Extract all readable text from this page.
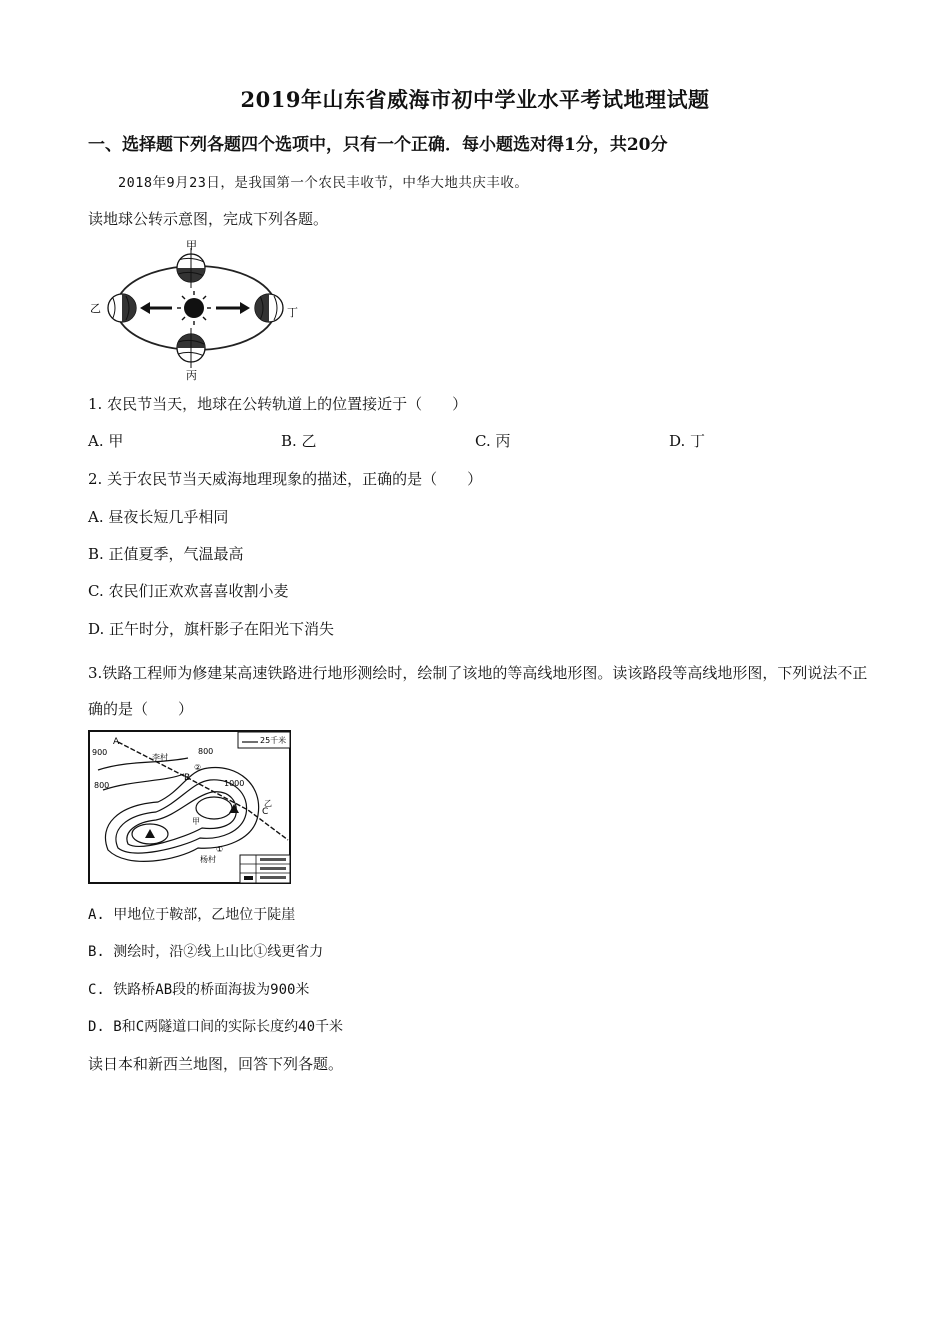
2019年山东省威海市初中学业水平考试地理试题
一、选择题下列各题四个选项中，只有一个正确．每小题选对得1分，共20分
2018年9月23日，是我国第一个农民丰收节，中华大地共庆丰收。
读地球公转示意图，完成下列各题。
甲
乙	丁
丙
1. 农民节当天，地球在公转轨道上的位置接近于（　　）
A. 甲	B. 乙	C. 丙	D. 丁
2. 关于农民节当天威海地理现象的描述，正确的是（　　）
A. 昼夜长短几乎相同
B. 正值夏季，气温最高
C. 农民们正欢欢喜喜收割小麦
D. 正午时分，旗杆影子在阳光下消失
3.铁路工程师为修建某高速铁路进行地形测绘时，绘制了该地的等高线地形图。读该路段等高线地形图，下列说法不正确的是（　　）
25千米
900
800
800
1000
李村
杨村
A
B
C
甲
乙
①
②
A. 甲地位于鞍部，乙地位于陡崖
B. 测绘时，沿②线上山比①线更省力
C. 铁路桥AB段的桥面海拔为900米
D. B和C两隧道口间的实际长度约40千米
读日本和新西兰地图，回答下列各题。
